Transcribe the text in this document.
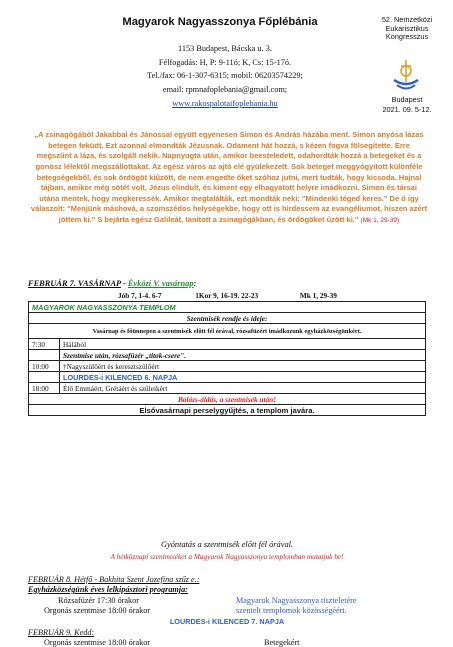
Magyarok Nagyasszonya Főplébánia
1153 Budapest, Bácska u. 3.
Félfogadás: H, P: 9-11ó; K, Cs: 15-17ó.
Tel./fax: 06-1-307-6315; mobil: 06203574229;
email: rpmnafoplebania@gmail.com;
www.rakospalotaifoplebania.hu
52. Nemzetközi
Eukarisztikus
Kongresszus
Budapest
2021. 09. 5-12.
„A zsinagógából Jakabbal és Jánossal együtt egyenesen Simon és András házába ment. Simon anyósa lázas betegen feküdt. Ezt azonnal elmondták Jézusnak. Odament hát hozzá, s kézen fogva fölsegítette. Erre megszűnt a láza, és szolgált nekik. Napnyugta után, amikor beesteledett, odahordták hozzá a betegeket és a gonosz lélektől megszállottakat. Az egész város az ajtó elé gyülekezett. Sok beteget meggyógyított különféle betegségekből, és sok ördögöt kiűzött, de nem engedte őket szóhoz jutni, mert tudták, hogy kicsoda. Hajnal tájban, amikor még sötét volt, Jézus elindult, és kiment egy elhagyatott helyre imádkozni. Simon és társai utána mentek, hogy megkeressék. Amikor megtalálták, ezt mondták neki: "Mindenki téged keres." De ő így válaszolt: "Menjünk máshová, a szomszédos helységekbe, hogy ott is hirdessem az evangéliumot, hiszen azért jöttem ki." S bejárta egész Galileát, tanított a zsinagógákban, és ördögöket űzött ki." (Mk 1, 29-39)
FEBRUÁR 7. VASÁRNAP - Évközi V. vasárnap:
Jób 7, 1-4. 6-7	1Kor 9, 16-19. 22-23	Mk 1, 29-39
MAGYAROK NAGYASSZONYA TEMPLOM	
Szentmisék rendje és ideje:	
Vasárnap és főünnepen a szentmisék előtt fél órával, rózsafüzért imádkozunk egyházközségünkért.	
7:30	Hálából
	Szentmise után, rózsafüzér „titok-csere".
10:00	†Nagyszülőért és keresztszülőért
	LOURDES-i KILENCED 6. NAPJA
18:00	Élő Emmáért, Grétáért és szüleikért
Balázs-áldás, a szentmisék után!	
Elsővasárnapi perselygyűjtés, a templom javára.	
Gyóntatás a szentmisék előtt fél órával.
A hétköznapi szentmiséket a Magyarok Nagyasszonya templomban mutatjuk be!
FEBRUÁR 8. Hétfő - Bakhita Szent Jozefina szűz e.:
Egyházközségünk éves lelkipásztori programja:
Rózsafüzér 17:30 órakor	Magyarok Nagyasszonya tiszteletére
Orgonás szentmise 18:00 órakor	szentelt templomok közösségéért.
LOURDES-i KILENCED 7. NAPJA
FEBRUÁR 9. Kedd:
Orgonás szentmise 18:00 órakor	Betegekért
